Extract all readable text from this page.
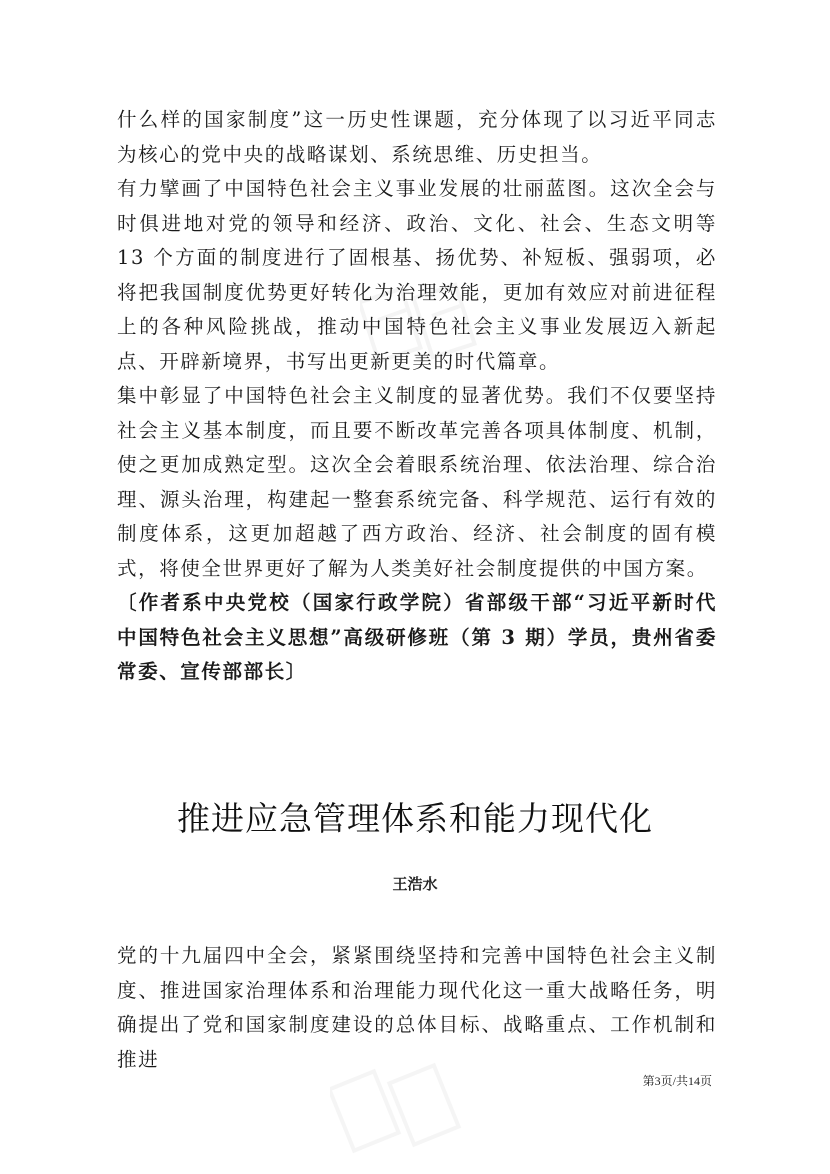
什么样的国家制度”这一历史性课题，充分体现了以习近平同志为核心的党中央的战略谋划、系统思维、历史担当。

有力擘画了中国特色社会主义事业发展的壮丽蓝图。这次全会与时俱进地对党的领导和经济、政治、文化、社会、生态文明等 13 个方面的制度进行了固根基、扬优势、补短板、强弱项，必将把我国制度优势更好转化为治理效能，更加有效应对前进征程上的各种风险挑战，推动中国特色社会主义事业发展迈入新起点、开辟新境界，书写出更新更美的时代篇章。

集中彰显了中国特色社会主义制度的显著优势。我们不仅要坚持社会主义基本制度，而且要不断改革完善各项具体制度、机制，使之更加成熟定型。这次全会着眼系统治理、依法治理、综合治理、源头治理，构建起一整套系统完备、科学规范、运行有效的制度体系，这更加超越了西方政治、经济、社会制度的固有模式，将使全世界更好了解为人类美好社会制度提供的中国方案。

〔作者系中央党校（国家行政学院）省部级干部“习近平新时代中国特色社会主义思想”高级研修班（第 3 期）学员，贵州省委常委、宣传部部长〕

推进应急管理体系和能力现代化

王浩水

党的十九届四中全会，紧紧围绕坚持和完善中国特色社会主义制度、推进国家治理体系和治理能力现代化这一重大战略任务，明确提出了党和国家制度建设的总体目标、战略重点、工作机制和推进

第3页/共14页
